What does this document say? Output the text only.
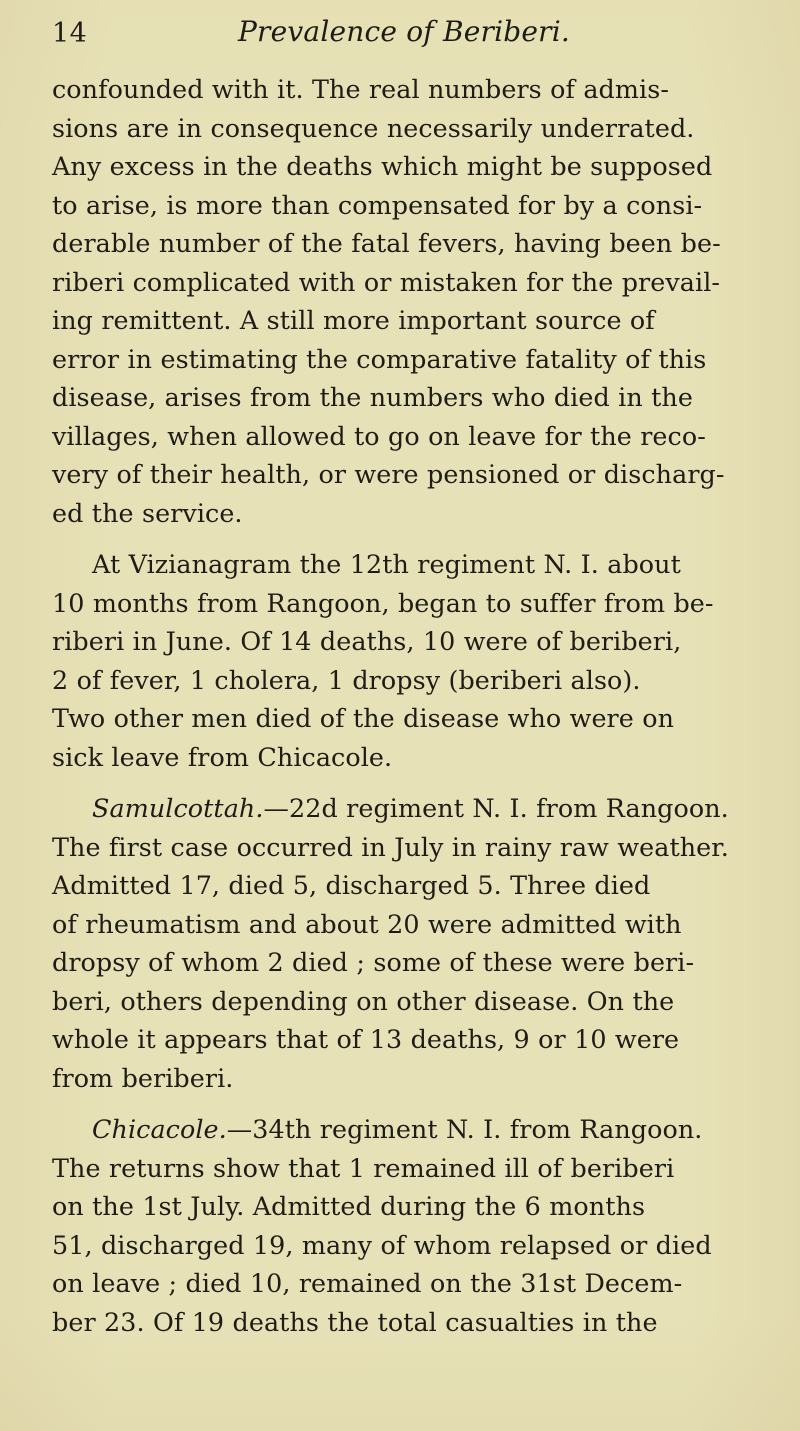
14	Prevalence of Beriberi.
confounded with it. The real numbers of admis-
sions are in consequence necessarily underrated.
Any excess in the deaths which might be supposed
to arise, is more than compensated for by a consi-
derable number of the fatal fevers, having been be-
riberi complicated with or mistaken for the prevail-
ing remittent. A still more important source of
error in estimating the comparative fatality of this
disease, arises from the numbers who died in the
villages, when allowed to go on leave for the reco-
very of their health, or were pensioned or discharg-
ed the service.
At Vizianagram the 12th regiment N. I. about
10 months from Rangoon, began to suffer from be-
riberi in June. Of 14 deaths, 10 were of beriberi,
2 of fever, 1 cholera, 1 dropsy (beriberi also).
Two other men died of the disease who were on
sick leave from Chicacole.
Samulcottah.—22d regiment N. I. from Rangoon.
The first case occurred in July in rainy raw weather.
Admitted 17, died 5, discharged 5. Three died
of rheumatism and about 20 were admitted with
dropsy of whom 2 died ; some of these were beri-
beri, others depending on other disease. On the
whole it appears that of 13 deaths, 9 or 10 were
from beriberi.
Chicacole.—34th regiment N. I. from Rangoon.
The returns show that 1 remained ill of beriberi
on the 1st July. Admitted during the 6 months
51, discharged 19, many of whom relapsed or died
on leave ; died 10, remained on the 31st Decem-
ber 23. Of 19 deaths the total casualties in the
